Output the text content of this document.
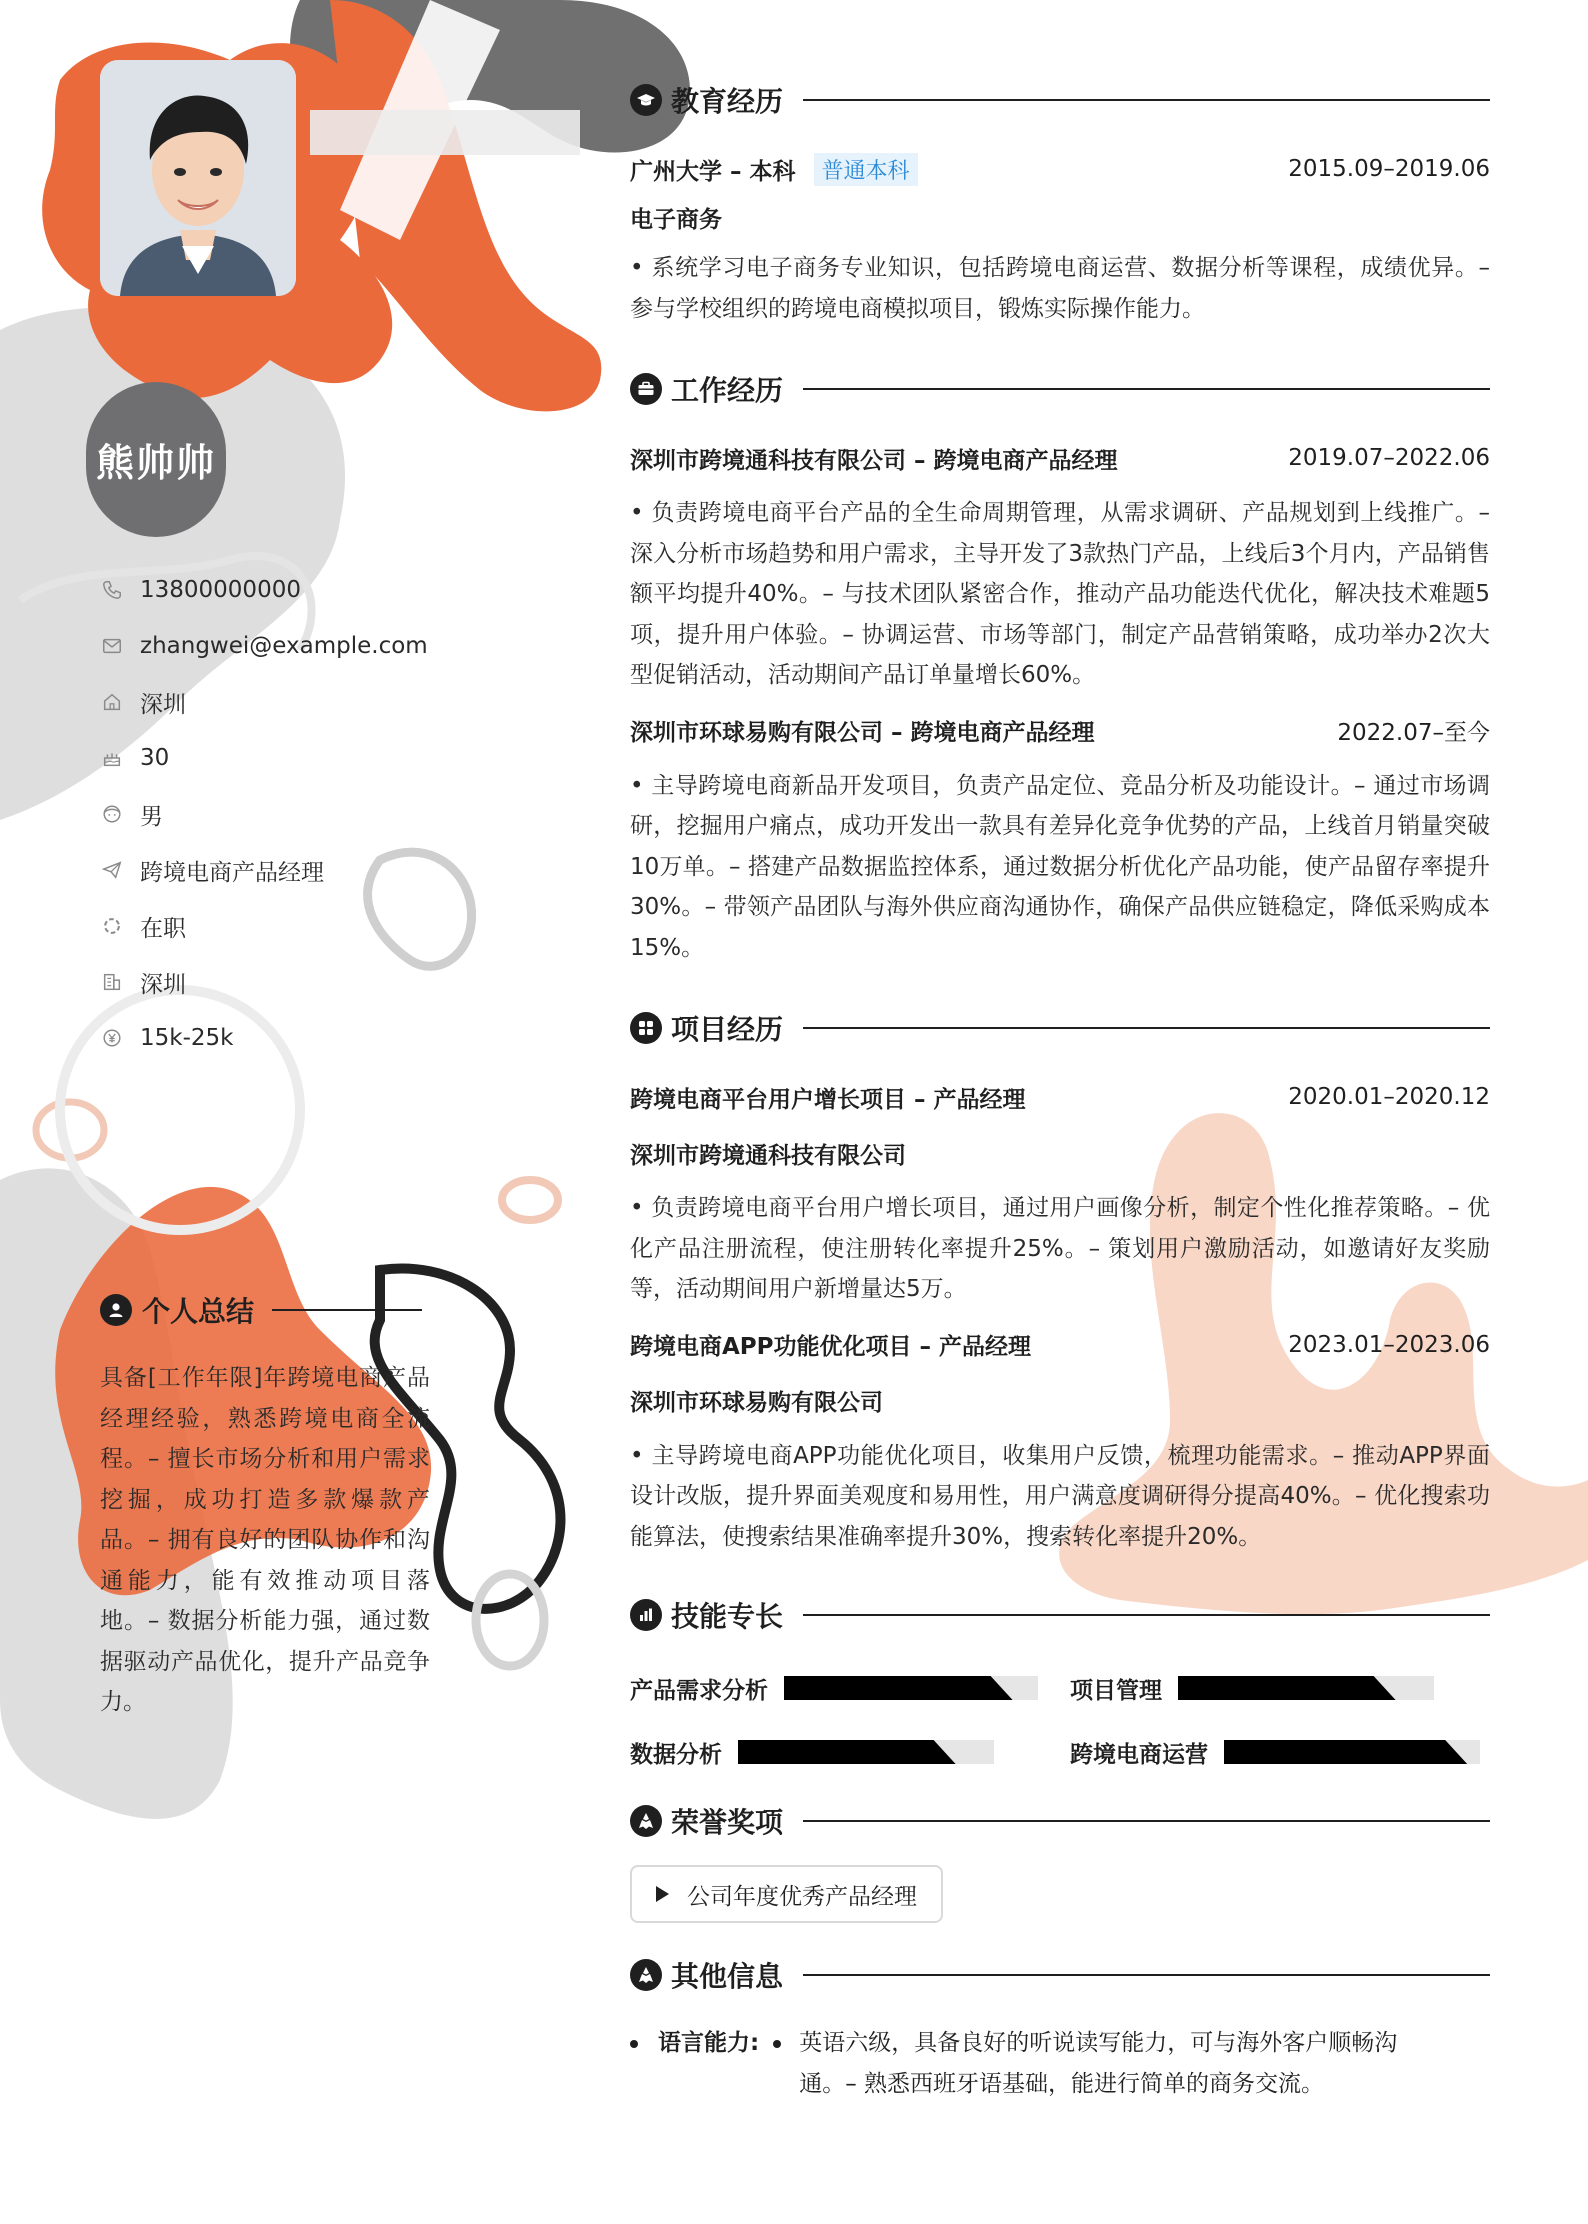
熊帅帅
13800000000
zhangwei@example.com
深圳
30
男
跨境电商产品经理
在职
深圳
15k-25k
个人总结
具备[工作年限]年跨境电商产品经理经验，熟悉跨境电商全流程。– 擅长市场分析和用户需求挖掘，成功打造多款爆款产品。– 拥有良好的团队协作和沟通能力，能有效推动项目落地。– 数据分析能力强，通过数据驱动产品优化，提升产品竞争力。
教育经历
广州大学 – 本科	普通本科	2015.09–2019.06
电子商务
• 系统学习电子商务专业知识，包括跨境电商运营、数据分析等课程，成绩优异。– 参与学校组织的跨境电商模拟项目，锻炼实际操作能力。
工作经历
深圳市跨境通科技有限公司 – 跨境电商产品经理	2019.07–2022.06
• 负责跨境电商平台产品的全生命周期管理，从需求调研、产品规划到上线推广。– 深入分析市场趋势和用户需求，主导开发了3款热门产品，上线后3个月内，产品销售额平均提升40%。– 与技术团队紧密合作，推动产品功能迭代优化，解决技术难题5项，提升用户体验。– 协调运营、市场等部门，制定产品营销策略，成功举办2次大型促销活动，活动期间产品订单量增长60%。
深圳市环球易购有限公司 – 跨境电商产品经理	2022.07–至今
• 主导跨境电商新品开发项目，负责产品定位、竞品分析及功能设计。– 通过市场调研，挖掘用户痛点，成功开发出一款具有差异化竞争优势的产品，上线首月销量突破10万单。– 搭建产品数据监控体系，通过数据分析优化产品功能，使产品留存率提升30%。– 带领产品团队与海外供应商沟通协作，确保产品供应链稳定，降低采购成本15%。
项目经历
跨境电商平台用户增长项目 – 产品经理	2020.01–2020.12
深圳市跨境通科技有限公司
• 负责跨境电商平台用户增长项目，通过用户画像分析，制定个性化推荐策略。– 优化产品注册流程，使注册转化率提升25%。– 策划用户激励活动，如邀请好友奖励等，活动期间用户新增量达5万。
跨境电商APP功能优化项目 – 产品经理	2023.01–2023.06
深圳市环球易购有限公司
• 主导跨境电商APP功能优化项目，收集用户反馈，梳理功能需求。– 推动APP界面设计改版，提升界面美观度和易用性，用户满意度调研得分提高40%。– 优化搜索功能算法，使搜索结果准确率提升30%，搜索转化率提升20%。
技能专长
产品需求分析	项目管理
数据分析	跨境电商运营
荣誉奖项
公司年度优秀产品经理
其他信息
语言能力: 英语六级，具备良好的听说读写能力，可与海外客户顺畅沟通。– 熟悉西班牙语基础，能进行简单的商务交流。
